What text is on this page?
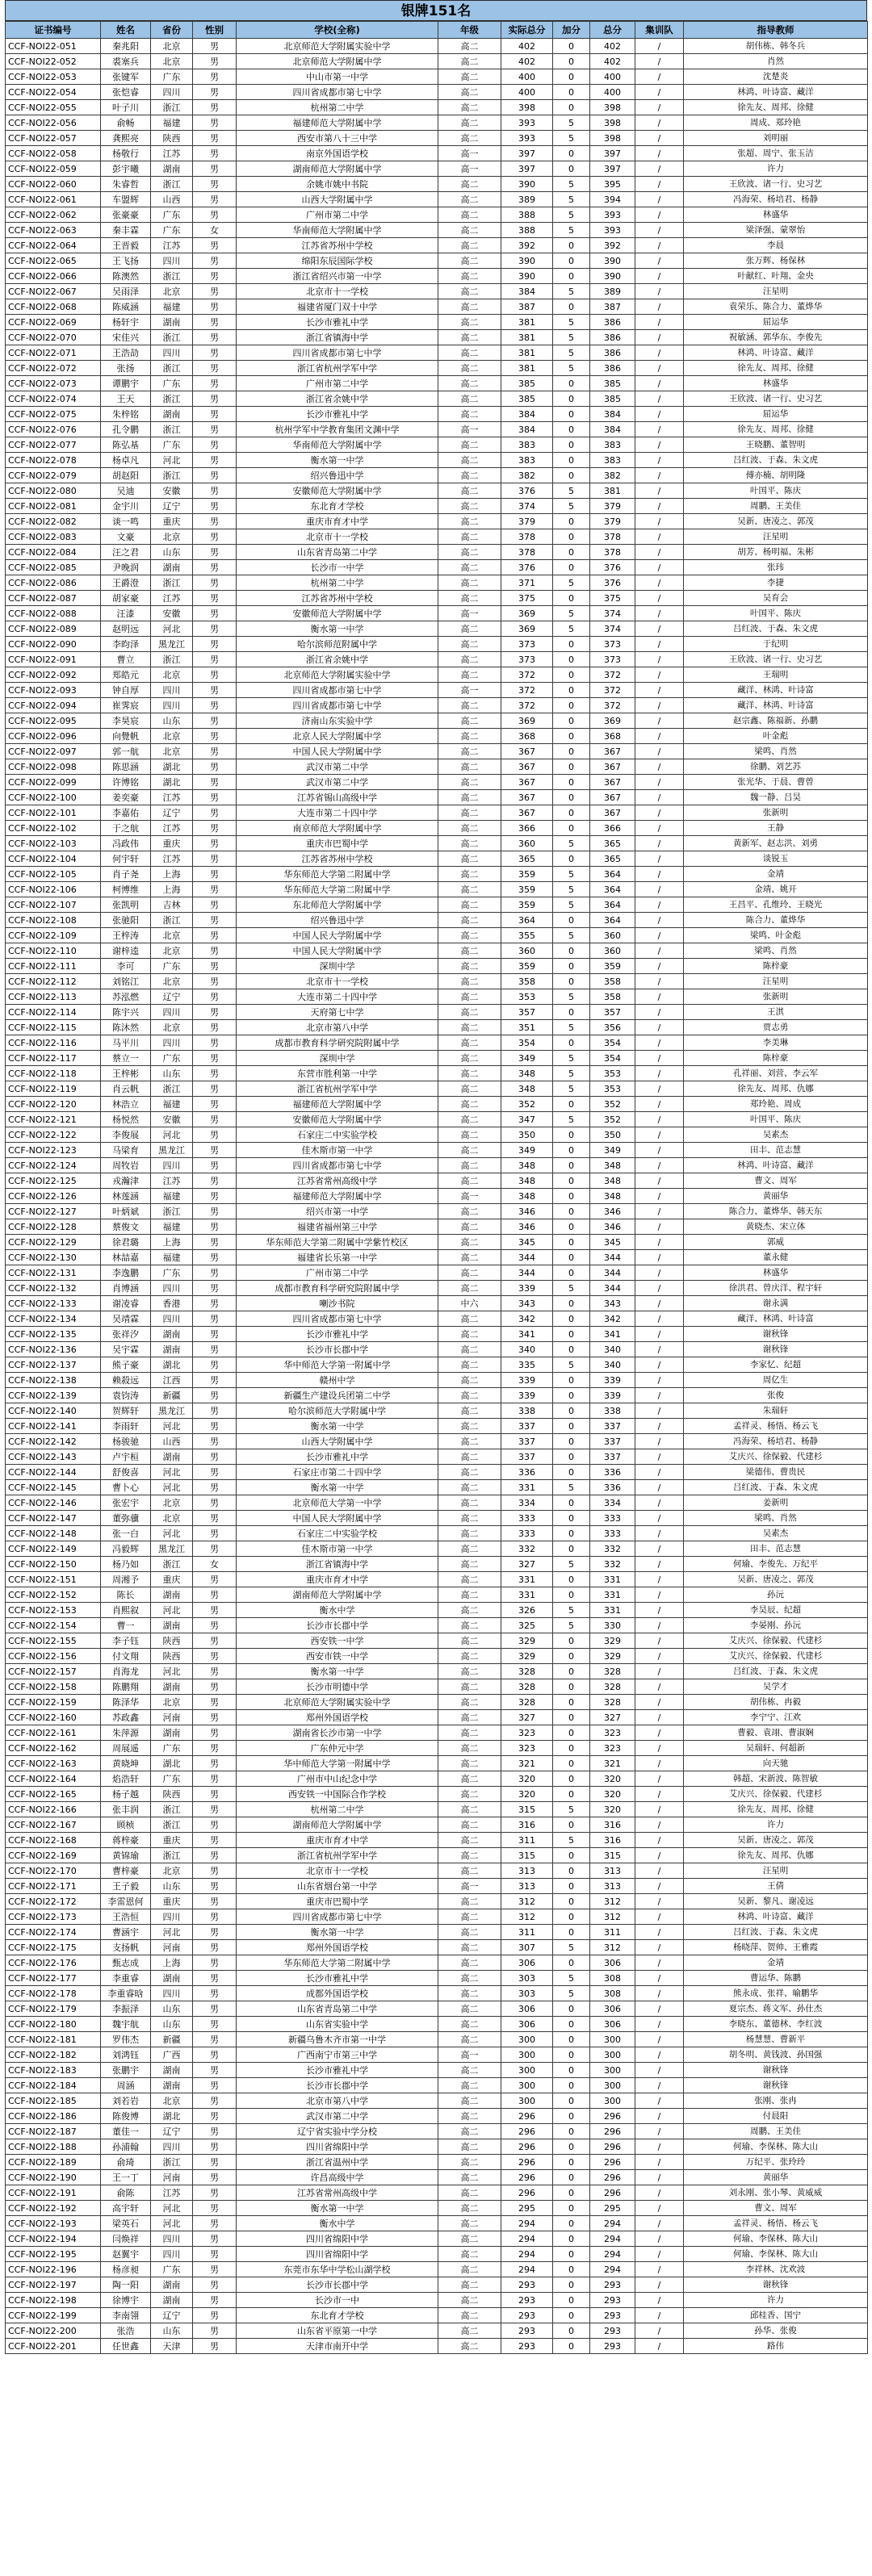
银牌151名
证书编号	姓名	省份	性别	学校(全称)	年级	实际总分	加分	总分	集训队	指导教师
CCF-NOI22-051	秦兆阳	北京	男	北京师范大学附属实验中学	高二	402	0	402	/	胡伟栋、韩冬兵
CCF-NOI22-052	裘塞兵	北京	男	北京师范大学附属中学	高二	402	0	402	/	肖然
CCF-NOI22-053	张键军	广东	男	中山市第一中学	高二	400	0	400	/	沈楚炎
CCF-NOI22-054	张恺睿	四川	男	四川省成都市第七中学	高二	400	0	400	/	林鸿、叶诗富、藏洋
CCF-NOI22-055	叶子川	浙江	男	杭州第二中学	高二	398	0	398	/	徐先友、周邦、徐健
CCF-NOI22-056	俞畅	福建	男	福建师范大学附属中学	高二	393	5	398	/	周成、郑玲艳
CCF-NOI22-057	龚熙亮	陕西	男	西安市第八十三中学	高二	393	5	398	/	刘明丽
CCF-NOI22-058	杨敬行	江苏	男	南京外国语学校	高一	397	0	397	/	张超、周宁、张玉洁
CCF-NOI22-059	彭宇曦	湖南	男	湖南师范大学附属中学	高一	397	0	397	/	许力
CCF-NOI22-060	朱睿哲	浙江	男	余姚市姚中书院	高二	390	5	395	/	王欣波、诸一行、史习艺
CCF-NOI22-061	车盟辉	山西	男	山西大学附属中学	高二	389	5	394	/	冯海荣、杨培君、杨静
CCF-NOI22-062	张豪豪	广东	男	广州市第二中学	高二	388	5	393	/	林盛华
CCF-NOI22-063	秦丰霖	广东	女	华南师范大学附属中学	高二	388	5	393	/	梁泽强、蒙翠怡
CCF-NOI22-064	王晋毅	江苏	男	江苏省苏州中学校	高二	392	0	392	/	李晨
CCF-NOI22-065	王飞扬	四川	男	绵阳东辰国际学校	高二	390	0	390	/	张万辉、杨保林
CCF-NOI22-066	陈澳然	浙江	男	浙江省绍兴市第一中学	高二	390	0	390	/	叶献红、叶翔、金央
CCF-NOI22-067	吴雨泽	北京	男	北京市十一学校	高二	384	5	389	/	汪星明
CCF-NOI22-068	陈威涵	福建	男	福建省厦门双十中学	高二	387	0	387	/	袁荣乐、陈合力、董烨华
CCF-NOI22-069	杨轩宇	湖南	男	长沙市雅礼中学	高二	381	5	386	/	屈运华
CCF-NOI22-070	宋佳兴	浙江	男	浙江省镇海中学	高二	381	5	386	/	祝敏涵、郭华东、李俊先
CCF-NOI22-071	王浩劼	四川	男	四川省成都市第七中学	高二	381	5	386	/	林鸿、叶诗富、藏洋
CCF-NOI22-072	张扬	浙江	男	浙江省杭州学军中学	高二	381	5	386	/	徐先友、周邦、徐健
CCF-NOI22-073	谭鹏宇	广东	男	广州市第二中学	高二	385	0	385	/	林盛华
CCF-NOI22-074	王天	浙江	男	浙江省余姚中学	高二	385	0	385	/	王欣波、诸一行、史习艺
CCF-NOI22-075	朱梓铭	湖南	男	长沙市雅礼中学	高二	384	0	384	/	屈运华
CCF-NOI22-076	孔令鹏	浙江	男	杭州学军中学教育集团文渊中学	高一	384	0	384	/	徐先友、周邦、徐健
CCF-NOI22-077	陈弘基	广东	男	华南师范大学附属中学	高二	383	0	383	/	王晓鹏、董智明
CCF-NOI22-078	杨卓凡	河北	男	衡水第一中学	高二	383	0	383	/	吕红波、于森、朱文虎
CCF-NOI22-079	胡赵阳	浙江	男	绍兴鲁迅中学	高二	382	0	382	/	傅亦楠、胡明隆
CCF-NOI22-080	吴迪	安徽	男	安徽师范大学附属中学	高二	376	5	381	/	叶国平、陈庆
CCF-NOI22-081	金宇川	辽宁	男	东北育才学校	高二	374	5	379	/	周鹏、王美佳
CCF-NOI22-082	谈一鸣	重庆	男	重庆市育才中学	高二	379	0	379	/	吴新、唐凌之、郭茂
CCF-NOI22-083	文豪	北京	男	北京市十一学校	高二	378	0	378	/	汪星明
CCF-NOI22-084	汪之君	山东	男	山东省青岛第二中学	高二	378	0	378	/	胡芳、杨明福、朱彬
CCF-NOI22-085	尹晚润	湖南	男	长沙市一中学	高二	376	0	376	/	张玮
CCF-NOI22-086	王爵澄	浙江	男	杭州第二中学	高二	371	5	376	/	李捷
CCF-NOI22-087	胡家豪	江苏	男	江苏省苏州中学校	高二	375	0	375	/	吴育会
CCF-NOI22-088	汪漆	安徽	男	安徽师范大学附属中学	高一	369	5	374	/	叶国平、陈庆
CCF-NOI22-089	赵明远	河北	男	衡水第一中学	高二	369	5	374	/	吕红波、于森、朱文虎
CCF-NOI22-090	李昀泽	黑龙江	男	哈尔滨师范附属中学	高二	373	0	373	/	于纪明
CCF-NOI22-091	曹立	浙江	男	浙江省余姚中学	高二	373	0	373	/	王欣波、诸一行、史习艺
CCF-NOI22-092	郑皓元	北京	男	北京师范大学附属实验中学	高二	372	0	372	/	王瑞明
CCF-NOI22-093	钟自厚	四川	男	四川省成都市第七中学	高一	372	0	372	/	藏洋、林鸿、叶诗富
CCF-NOI22-094	崔霁宸	四川	男	四川省成都市第七中学	高二	372	0	372	/	藏洋、林鸿、叶诗富
CCF-NOI22-095	李昊宸	山东	男	济南山东实验中学	高二	369	0	369	/	赵宗鑫、陈福新、孙鹏
CCF-NOI22-096	向覺帆	北京	男	北京人民大学附属中学	高二	368	0	368	/	叶金彪
CCF-NOI22-097	郭一航	北京	男	中国人民大学附属中学	高二	367	0	367	/	梁鸣、肖然
CCF-NOI22-098	陈思涵	湖北	男	武汉市第二中学	高二	367	0	367	/	徐鹏、刘艺苏
CCF-NOI22-099	许博铭	湖北	男	武汉市第二中学	高二	367	0	367	/	张光华、于晨、曹曾
CCF-NOI22-100	姜奕豪	江苏	男	江苏省锡山高级中学	高二	367	0	367	/	魏一静、吕昊
CCF-NOI22-101	李嘉佑	辽宁	男	大连市第二十四中学	高二	367	0	367	/	张新明
CCF-NOI22-102	于之航	江苏	男	南京师范大学附属中学	高二	366	0	366	/	王静
CCF-NOI22-103	冯政伟	重庆	男	重庆市巴蜀中学	高二	360	5	365	/	黄新军、赵志洪、刘勇
CCF-NOI22-104	何宇轩	江苏	男	江苏省苏州中学校	高二	365	0	365	/	谈锐玉
CCF-NOI22-105	肖子尧	上海	男	华东师范大学第二附属中学	高二	359	5	364	/	金靖
CCF-NOI22-106	柯博维	上海	男	华东师范大学第二附属中学	高二	359	5	364	/	金靖、姚开
CCF-NOI22-107	张凯明	吉林	男	东北师范大学附属中学	高二	359	5	364	/	王昌平、孔维玲、王晓光
CCF-NOI22-108	张驰阳	浙江	男	绍兴鲁迅中学	高二	364	0	364	/	陈合力、董烨华
CCF-NOI22-109	王梓涛	北京	男	中国人民大学附属中学	高二	355	5	360	/	梁鸣、叶金彪
CCF-NOI22-110	谢梓逵	北京	男	中国人民大学附属中学	高二	360	0	360	/	梁鸣、肖然
CCF-NOI22-111	李可	广东	男	深圳中学	高二	359	0	359	/	陈梓豪
CCF-NOI22-112	刘铭江	北京	男	北京市十一学校	高二	358	0	358	/	汪星明
CCF-NOI22-113	苏泓燃	辽宁	男	大连市第二十四中学	高二	353	5	358	/	张新明
CCF-NOI22-114	陈宇兴	四川	男	天府第七中学	高二	357	0	357	/	王淇
CCF-NOI22-115	陈沐然	北京	男	北京市第八中学	高二	351	5	356	/	贾志勇
CCF-NOI22-116	马平川	四川	男	成都市教育科学研究院附属中学	高二	354	0	354	/	李美琳
CCF-NOI22-117	蔡立一	广东	男	深圳中学	高二	349	5	354	/	陈梓豪
CCF-NOI22-118	王梓彬	山东	男	东营市胜利第一中学	高二	348	5	353	/	孔祥丽、刘营、李云军
CCF-NOI22-119	肖云帆	浙江	男	浙江省杭州学军中学	高二	348	5	353	/	徐先友、周邦、仇娜
CCF-NOI22-120	林浩立	福建	男	福建师范大学附属中学	高二	352	0	352	/	郑玲艳、周成
CCF-NOI22-121	杨悦然	安徽	男	安徽师范大学附属中学	高二	347	5	352	/	叶国平、陈庆
CCF-NOI22-122	李俊展	河北	男	石家庄二中实验学校	高二	350	0	350	/	吴素杰
CCF-NOI22-123	马梁育	黑龙江	男	佳木斯市第一中学	高二	349	0	349	/	田丰、范志慧
CCF-NOI22-124	周牧岩	四川	男	四川省成都市第七中学	高二	348	0	348	/	林鸿、叶诗富、藏洋
CCF-NOI22-125	戎瀚津	江苏	男	江苏省常州高级中学	高二	348	0	348	/	曹文、周军
CCF-NOI22-126	林莲涵	福建	男	福建师范大学附属中学	高一	348	0	348	/	黄丽华
CCF-NOI22-127	叶炳斌	浙江	男	绍兴市第一中学	高二	346	0	346	/	陈合力、董烨华、韩天东
CCF-NOI22-128	蔡俊文	福建	男	福建省福州第三中学	高二	346	0	346	/	黄晓杰、宋立体
CCF-NOI22-129	徐君璐	上海	男	华东师范大学第二附属中学紫竹校区	高二	345	0	345	/	郭威
CCF-NOI22-130	林喆嘉	福建	男	福建省长乐第一中学	高二	344	0	344	/	董永健
CCF-NOI22-131	李逸鹏	广东	男	广州市第二中学	高二	344	0	344	/	林盛华
CCF-NOI22-132	肖博涵	四川	男	成都市教育科学研究院附属中学	高二	339	5	344	/	徐洪君、曾庆洋、程宇轩
CCF-NOI22-133	谢凌睿	香港	男	喇沙书院	中六	343	0	343	/	谢永满
CCF-NOI22-134	吴靖霖	四川	男	四川省成都市第七中学	高二	342	0	342	/	藏洋、林鸿、叶诗富
CCF-NOI22-135	张祥汐	湖南	男	长沙市雅礼中学	高二	341	0	341	/	谢秋锋
CCF-NOI22-136	吴宇霖	湖南	男	长沙市长郡中学	高二	340	0	340	/	谢秋锋
CCF-NOI22-137	熊子豪	湖北	男	华中师范大学第一附属中学	高二	335	5	340	/	李家忆、纪超
CCF-NOI22-138	赖殺远	江西	男	赣州中学	高二	339	0	339	/	周亿生
CCF-NOI22-139	袁钧涛	新疆	男	新疆生产建设兵团第二中学	高二	339	0	339	/	张俊
CCF-NOI22-140	贺辉轩	黑龙江	男	哈尔滨师范大学附属中学	高二	338	0	338	/	朱瑞轩
CCF-NOI22-141	李雨轩	河北	男	衡水第一中学	高二	337	0	337	/	孟祥灵、杨悟、杨云飞
CCF-NOI22-142	杨骏驰	山西	男	山西大学附属中学	高二	337	0	337	/	冯海荣、杨培君、杨静
CCF-NOI22-143	卢宇桓	湖南	男	长沙市雅礼中学	高二	337	0	337	/	艾庆兴、徐保毅、代建杉
CCF-NOI22-144	舒俊喜	河北	男	石家庄市第二十四中学	高二	336	0	336	/	梁德伟、曹贵民
CCF-NOI22-145	曹卜心	河北	男	衡水第一中学	高二	331	5	336	/	吕红波、于森、朱文虎
CCF-NOI22-146	张宏宇	北京	男	北京师范大学第一中学	高二	334	0	334	/	姜新明
CCF-NOI22-147	董弥骥	北京	男	中国人民大学附属中学	高二	333	0	333	/	梁鸣、肖然
CCF-NOI22-148	张一白	河北	男	石家庄二中实验学校	高二	333	0	333	/	吴素杰
CCF-NOI22-149	冯毅辉	黑龙江	男	佳木斯市第一中学	高二	332	0	332	/	田丰、范志慧
CCF-NOI22-150	杨乃如	浙江	女	浙江省镇海中学	高二	327	5	332	/	何瑜、李俊先、万纪平
CCF-NOI22-151	周湘予	重庆	男	重庆市育才中学	高二	331	0	331	/	吴新、唐凌之、郭茂
CCF-NOI22-152	陈长	湖南	男	湖南师范大学附属中学	高二	331	0	331	/	孙沅
CCF-NOI22-153	肖熙叙	河北	男	衡水中学	高二	326	5	331	/	李昊辰、纪超
CCF-NOI22-154	曹一	湖南	男	长沙市长郡中学	高二	325	5	330	/	李晏刚、孙沅
CCF-NOI22-155	李子钰	陕西	男	西安铁一中学	高二	329	0	329	/	艾庆兴、徐保毅、代建杉
CCF-NOI22-156	付文翔	陕西	男	西安市铁一中学	高二	329	0	329	/	艾庆兴、徐保毅、代建杉
CCF-NOI22-157	肖海龙	河北	男	衡水第一中学	高二	328	0	328	/	吕红波、于森、朱文虎
CCF-NOI22-158	陈鹏翔	湖南	男	长沙市明德中学	高二	328	0	328	/	吴学才
CCF-NOI22-159	陈泽华	北京	男	北京师范大学附属实验中学	高二	328	0	328	/	胡伟栋、冉毅
CCF-NOI22-160	苏政鑫	河南	男	郑州外国语学校	高二	327	0	327	/	李宁宁、江欢
CCF-NOI22-161	朱萍源	湖南	男	湖南省长沙市第一中学	高二	323	0	323	/	曹毅、袁翊、曹淑娴
CCF-NOI22-162	周展遥	广东	男	广东仲元中学	高二	323	0	323	/	吴瑞轩、何超新
CCF-NOI22-163	黄晓坤	湖北	男	华中师范大学第一附属中学	高二	321	0	321	/	向天驰
CCF-NOI22-164	焰浩轩	广东	男	广州市中山纪念中学	高二	320	0	320	/	韩超、宋新波、陈智敏
CCF-NOI22-165	杨子越	陕西	男	西安铁一中国际合作学校	高二	320	0	320	/	艾庆兴、徐保毅、代建杉
CCF-NOI22-166	张丰润	浙江	男	杭州第二中学	高二	315	5	320	/	徐先友、周邦、徐健
CCF-NOI22-167	顾桢	浙江	男	湖南师范大学附属中学	高二	316	0	316	/	许力
CCF-NOI22-168	蒋梓豪	重庆	男	重庆市育才中学	高二	311	5	316	/	吴新、唐凌之、郭茂
CCF-NOI22-169	黄锦瑜	浙江	男	浙江省杭州学军中学	高二	315	0	315	/	徐先友、周邦、仇娜
CCF-NOI22-170	曹梓豪	北京	男	北京市十一学校	高二	313	0	313	/	汪星明
CCF-NOI22-171	王子毅	山东	男	山东省烟台第一中学	高一	313	0	313	/	王倩
CCF-NOI22-172	李雷恩何	重庆	男	重庆市巴蜀中学	高二	312	0	312	/	吴新、黎凡、谢凌远
CCF-NOI22-173	王浩恒	四川	男	四川省成都市第七中学	高二	312	0	312	/	林鸿、叶诗富、藏洋
CCF-NOI22-174	曹涵宇	河北	男	衡水第一中学	高二	311	0	311	/	吕红波、于森、朱文虎
CCF-NOI22-175	支扬帆	河南	男	郑州外国语学校	高二	307	5	312	/	杨晓萍、贺帅、王雅霞
CCF-NOI22-176	甄志成	上海	男	华东师范大学第二附属中学	高二	306	0	306	/	金靖
CCF-NOI22-177	李重睿	湖南	男	长沙市雅礼中学	高二	303	5	308	/	曹运华、陈鹏
CCF-NOI22-178	李重睿晗	四川	男	成都外国语学校	高二	303	5	308	/	熊永成、张祥、喻鹏华
CCF-NOI22-179	李振泽	山东	男	山东省青岛第二中学	高二	306	0	306	/	夏宗杰、蒋文军、孙仕杰
CCF-NOI22-180	魏宇航	山东	男	山东省实验中学	高二	306	0	306	/	李晓东、董德林、李红波
CCF-NOI22-181	罗伟杰	新疆	男	新疆乌鲁木齐市第一中学	高二	300	0	300	/	杨慧慧、曹新平
CCF-NOI22-182	刘鸿钰	广西	男	广西南宁市第三中学	高一	300	0	300	/	胡冬明、黄钱波、孙国强
CCF-NOI22-183	张鹏宇	湖南	男	长沙市雅礼中学	高二	300	0	300	/	谢秋锋
CCF-NOI22-184	周涵	湖南	男	长沙市长郡中学	高二	300	0	300	/	谢秋锋
CCF-NOI22-185	刘若岩	北京	男	北京市第八中学	高二	300	0	300	/	张刚、张冉
CCF-NOI22-186	陈俊博	湖北	男	武汉市第二中学	高二	296	0	296	/	付晨阳
CCF-NOI22-187	董佳一	辽宁	男	辽宁省实验中学分校	高二	296	0	296	/	周鹏、王美佳
CCF-NOI22-188	孙浦翰	四川	男	四川省绵阳中学	高二	296	0	296	/	何瑜、李保林、陈大山
CCF-NOI22-189	俞琦	浙江	男	浙江省温州中学	高二	296	0	296	/	万纪平、张玲玲
CCF-NOI22-190	王一丁	河南	男	许昌高级中学	高二	296	0	296	/	黄丽华
CCF-NOI22-191	俞陈	江苏	男	江苏省常州高级中学	高二	296	0	296	/	刘永刚、张小琴、黄威威
CCF-NOI22-192	高宇轩	河北	男	衡水第一中学	高二	295	0	295	/	曹文、周军
CCF-NOI22-193	梁英石	河北	男	衡水中学	高二	294	0	294	/	孟祥灵、杨悟、杨云飞
CCF-NOI22-194	闫焕祥	四川	男	四川省绵阳中学	高二	294	0	294	/	何瑜、李保林、陈大山
CCF-NOI22-195	赵翼宇	四川	男	四川省绵阳中学	高二	294	0	294	/	何瑜、李保林、陈大山
CCF-NOI22-196	杨彦昶	广东	男	东莞市东华中学松山湖学校	高二	294	0	294	/	李祥林、沈欢波
CCF-NOI22-197	陶一阳	湖南	男	长沙市长郡中学	高二	293	0	293	/	谢秋锋
CCF-NOI22-198	徐博宇	湖南	男	长沙市一中	高二	293	0	293	/	许力
CCF-NOI22-199	李南翎	辽宁	男	东北育才学校	高二	293	0	293	/	邱桂香、国宁
CCF-NOI22-200	张浩	山东	男	山东省平原第一中学	高二	293	0	293	/	孙华、张俊
CCF-NOI22-201	任世鑫	天津	男	天津市南开中学	高二	293	0	293	/	路伟
